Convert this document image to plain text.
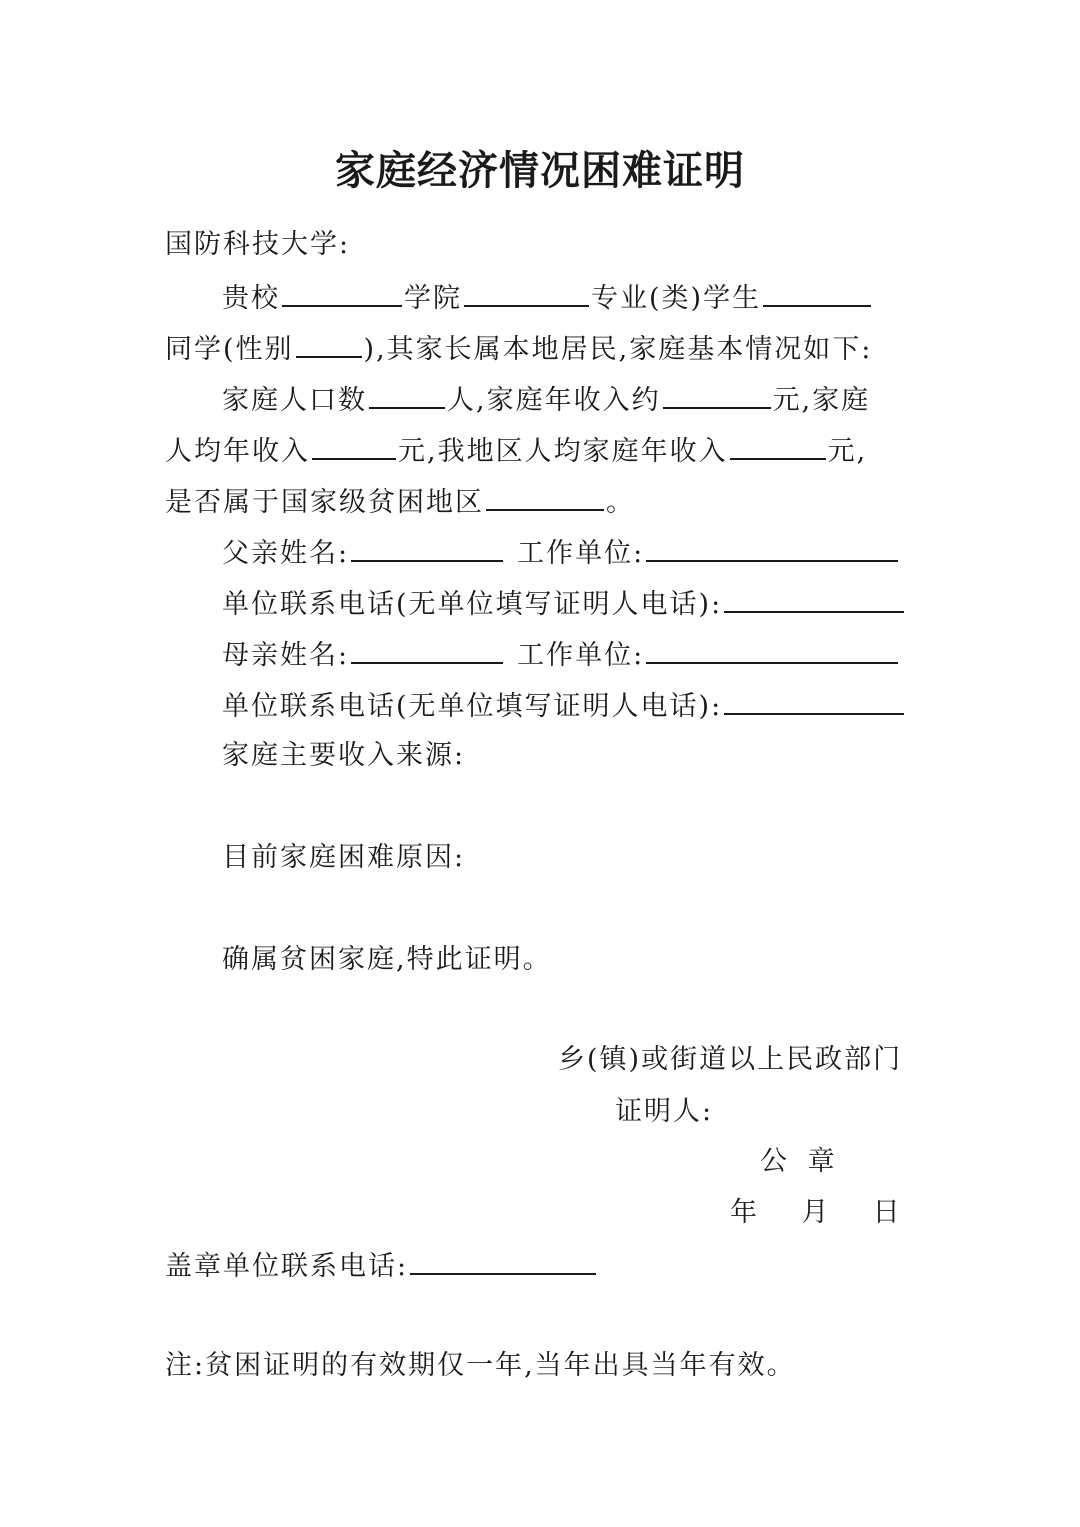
家庭经济情况困难证明
国防科技大学:
贵校	学院	专业(类)学生
同学(性别	),其家长属本地居民,家庭基本情况如下:
家庭人口数	人,家庭年收入约	元,家庭
人均年收入	元,我地区人均家庭年收入	元,
是否属于国家级贫困地区	。
父亲姓名:	工作单位:
单位联系电话(无单位填写证明人电话):
母亲姓名:	工作单位:
单位联系电话(无单位填写证明人电话):
家庭主要收入来源:
目前家庭困难原因:
确属贫困家庭,特此证明。
乡(镇)或街道以上民政部门
证明人:
公 章
年    月    日
盖章单位联系电话:
注:贫困证明的有效期仅一年,当年出具当年有效。
